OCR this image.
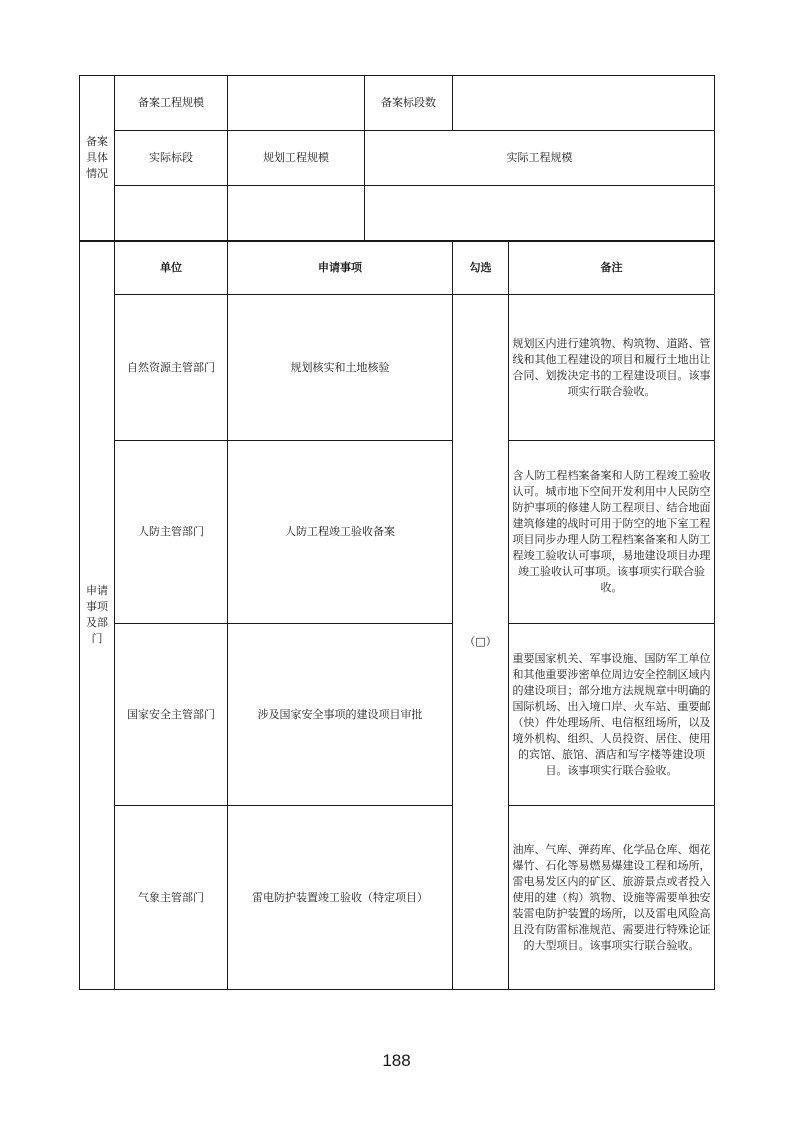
备案具体情况	备案工程规模		备案标段数		
	实际标段	规划工程规模	实际工程规模		

申请事项及部门	单位	申请事项		勾选	备注
	自然资源主管部门	规划核实和土地核验		（□）	规划区内进行建筑物、构筑物、道路、管线和其他工程建设的项目和履行土地出让合同、划拨决定书的工程建设项目。该事项实行联合验收。
	人防主管部门	人防工程竣工验收备案			含人防工程档案备案和人防工程竣工验收认可。城市地下空间开发利用中人民防空防护事项的修建人防工程项目、结合地面建筑修建的战时可用于防空的地下室工程项目同步办理人防工程档案备案和人防工程竣工验收认可事项，易地建设项目办理竣工验收认可事项。该事项实行联合验收。
	国家安全主管部门	涉及国家安全事项的建设项目审批			重要国家机关、军事设施、国防军工单位和其他重要涉密单位周边安全控制区域内的建设项目；部分地方法规规章中明确的国际机场、出入境口岸、火车站、重要邮（快）件处理场所、电信枢纽场所，以及境外机构、组织、人员投资、居住、使用的宾馆、旅馆、酒店和写字楼等建设项目。该事项实行联合验收。
	气象主管部门	雷电防护装置竣工验收（特定项目）			油库、气库、弹药库、化学品仓库、烟花爆竹、石化等易燃易爆建设工程和场所，雷电易发区内的矿区、旅游景点或者投入使用的建（构）筑物、设施等需要单独安装雷电防护装置的场所，以及雷电风险高且没有防雷标准规范、需要进行特殊论证的大型项目。该事项实行联合验收。
188
